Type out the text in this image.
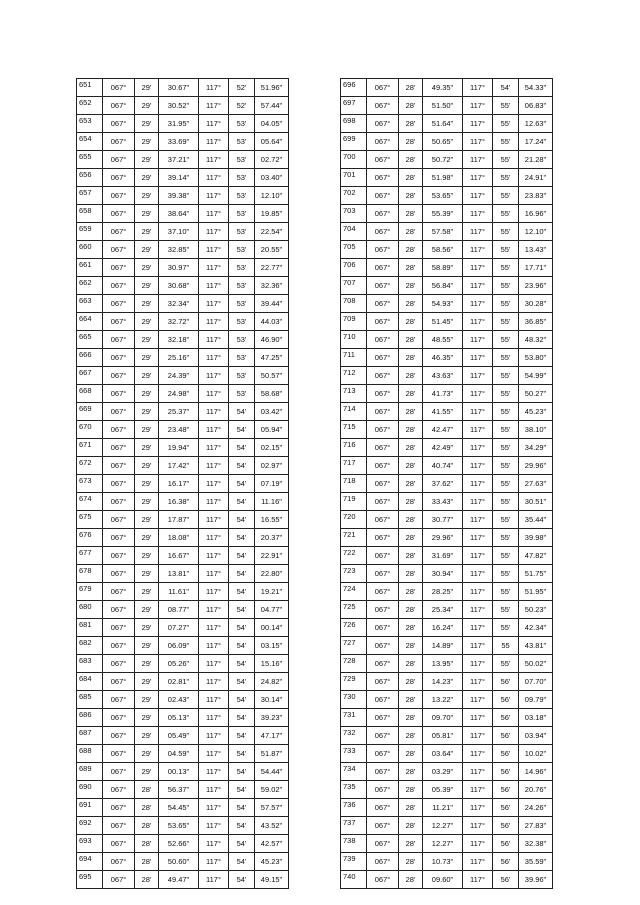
651	067°	29'	30.67"	117°	52'	51.96"
652	067°	29'	30.52"	117°	52'	57.44"
653	067°	29'	31.95"	117°	53'	04.05"
654	067°	29'	33.69"	117°	53'	05.64"
655	067°	29'	37.21"	117°	53'	02.72"
656	067°	29'	39.14"	117°	53'	03.40"
657	067°	29'	39.38"	117°	53'	12.10"
658	067°	29'	38.64"	117°	53'	19.85"
659	067°	29'	37.10"	117°	53'	22.54"
660	067°	29'	32.85"	117°	53'	20.55"
661	067°	29'	30.97"	117°	53'	22.77"
662	067°	29'	30.68"	117°	53'	32.36"
663	067°	29'	32.34"	117°	53'	39.44"
664	067°	29'	32.72"	117°	53'	44.03"
665	067°	29'	32.18"	117°	53'	46.90"
666	067°	29'	25.16"	117°	53'	47.25"
667	067°	29'	24.39"	117°	53'	50.57"
668	067°	29'	24.98"	117°	53'	58.68"
669	067°	29'	25.37"	117°	54'	03.42"
670	067°	29'	23.48"	117°	54'	05.94"
671	067°	29'	19.94"	117°	54'	02.15"
672	067°	29'	17.42"	117°	54'	02.97"
673	067°	29'	16.17"	117°	54'	07.19"
674	067°	29'	16.38"	117°	54'	11.16"
675	067°	29'	17.87"	117°	54'	16.55"
676	067°	29'	18.08"	117°	54'	20.37"
677	067°	29'	16.67"	117°	54'	22.91"
678	067°	29'	13.81"	117°	54'	22.80"
679	067°	29'	11.61"	117°	54'	19.21"
680	067°	29'	08.77"	117°	54'	04.77"
681	067°	29'	07.27"	117°	54'	00.14"
682	067°	29'	06.09"	117°	54'	03.15"
683	067°	29'	05.26"	117°	54'	15.16"
684	067°	29'	02.81"	117°	54'	24.82"
685	067°	29'	02.43"	117°	54'	30.14"
686	067°	29'	05.13"	117°	54'	39.23"
687	067°	29'	05.49"	117°	54'	47.17"
688	067°	29'	04.59"	117°	54'	51.87"
689	067°	29'	00.13"	117°	54'	54.44"
690	067°	28'	56.37"	117°	54'	59.02"
691	067°	28'	54.45"	117°	54'	57.57"
692	067°	28'	53.65"	117°	54'	43.52"
693	067°	28'	52.66"	117°	54'	42.57"
694	067°	28'	50.60"	117°	54'	45.23"
695	067°	28'	49.47"	117°	54'	49.15"
696	067°	28'	49.35"	117°	54'	54.33"
697	067°	28'	51.50"	117°	55'	06.83"
698	067°	28'	51.64"	117°	55'	12.63"
699	067°	28'	50.65"	117°	55'	17.24"
700	067°	28'	50.72"	117°	55'	21.28"
701	067°	28'	51.98"	117°	55'	24.91"
702	067°	28'	53.65"	117°	55'	23.83"
703	067°	28'	55.39"	117°	55'	16.96"
704	067°	28'	57.58"	117°	55'	12.10"
705	067°	28'	58.56"	117°	55'	13.43"
706	067°	28'	58.89"	117°	55'	17.71"
707	067°	28'	56.84"	117°	55'	23.96"
708	067°	28'	54.93"	117°	55'	30.28"
709	067°	28'	51.45"	117°	55'	36.85"
710	067°	28'	48.55"	117°	55'	48.32"
711	067°	28'	46.35"	117°	55'	53.80"
712	067°	28'	43.63"	117°	55'	54.99"
713	067°	28'	41.73"	117°	55'	50.27"
714	067°	28'	41.55"	117°	55'	45.23"
715	067°	28'	42.47"	117°	55'	38.10"
716	067°	28'	42.49"	117°	55'	34.29"
717	067°	28'	40.74"	117°	55'	29.96"
718	067°	28'	37.62"	117°	55'	27.63"
719	067°	28'	33.43"	117°	55'	30.51"
720	067°	28'	30.77"	117°	55'	35.44"
721	067°	28'	29.96"	117°	55'	39.98"
722	067°	28'	31.69"	117°	55'	47.82"
723	067°	28'	30.94"	117°	55'	51.75"
724	067°	28'	28.25"	117°	55'	51.95"
725	067°	28'	25.34"	117°	55'	50.23"
726	067°	28'	16.24"	117°	55'	42.34"
727	067°	28'	14.89"	117°	55	43.81"
728	067°	28'	13.95"	117°	55'	50.02"
729	067°	28'	14.23"	117°	56'	07.70"
730	067°	28'	13.22"	117°	56'	09.79"
731	067°	28'	09.70"	117°	56'	03.18"
732	067°	28'	05.81"	117°	56'	03.94"
733	067°	28'	03.64"	117°	56'	10.02"
734	067°	28'	03.29"	117°	56'	14.96"
735	067°	28'	05.39"	117°	56'	20.76"
736	067°	28'	11.21"	117°	56'	24.26"
737	067°	28'	12.27"	117°	56'	27.83"
738	067°	28'	12.27"	117°	56'	32.38"
739	067°	28'	10.73"	117°	56'	35.59"
740	067°	28'	09.60"	117°	56'	39.96"
